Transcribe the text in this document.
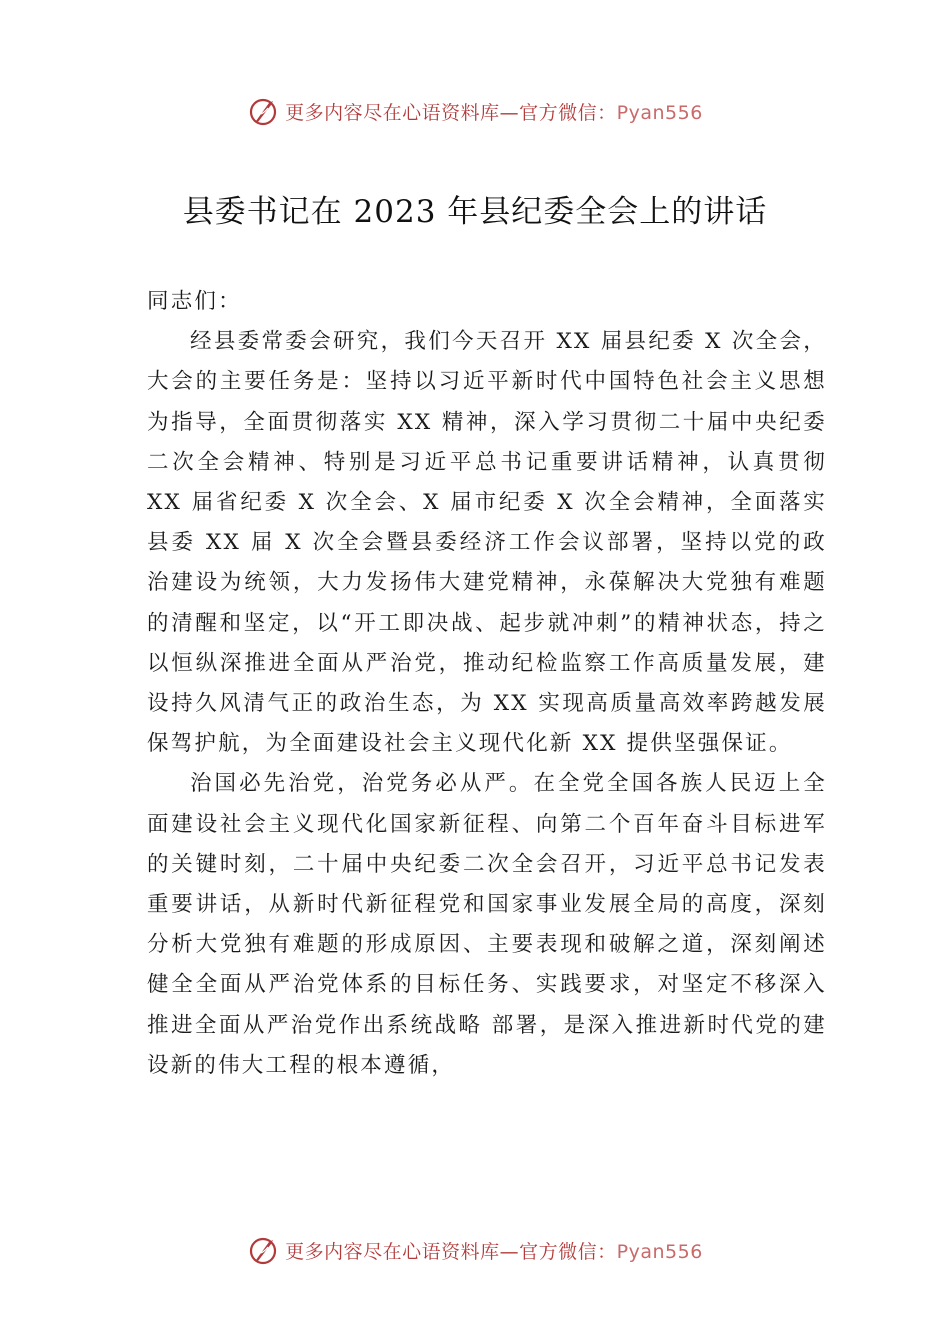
更多内容尽在心语资料库—官方微信：Pyan556
县委书记在 2023 年县纪委全会上的讲话

同志们：

经县委常委会研究，我们今天召开 XX 届县纪委 X 次全会，大会的主要任务是：坚持以习近平新时代中国特色社会主义思想为指导，全面贯彻落实 XX 精神，深入学习贯彻二十届中央纪委二次全会精神、特别是习近平总书记重要讲话精神，认真贯彻 XX 届省纪委 X 次全会、X 届市纪委 X 次全会精神，全面落实县委 XX 届 X 次全会暨县委经济工作会议部署，坚持以党的政治建设为统领，大力发扬伟大建党精神，永葆解决大党独有难题的清醒和坚定，以“开工即决战、起步就冲刺”的精神状态，持之以恒纵深推进全面从严治党，推动纪检监察工作高质量发展，建设持久风清气正的政治生态，为 XX 实现高质量高效率跨越发展保驾护航，为全面建设社会主义现代化新 XX 提供坚强保证。

治国必先治党，治党务必从严。在全党全国各族人民迈上全面建设社会主义现代化国家新征程、向第二个百年奋斗目标进军的关键时刻，二十届中央纪委二次全会召开，习近平总书记发表重要讲话，从新时代新征程党和国家事业发展全局的高度，深刻分析大党独有难题的形成原因、主要表现和破解之道，深刻阐述健全全面从严治党体系的目标任务、实践要求，对坚定不移深入推进全面从严治党作出系统战略 部署，是深入推进新时代党的建设新的伟大工程的根本遵循，

更多内容尽在心语资料库—官方微信：Pyan556
